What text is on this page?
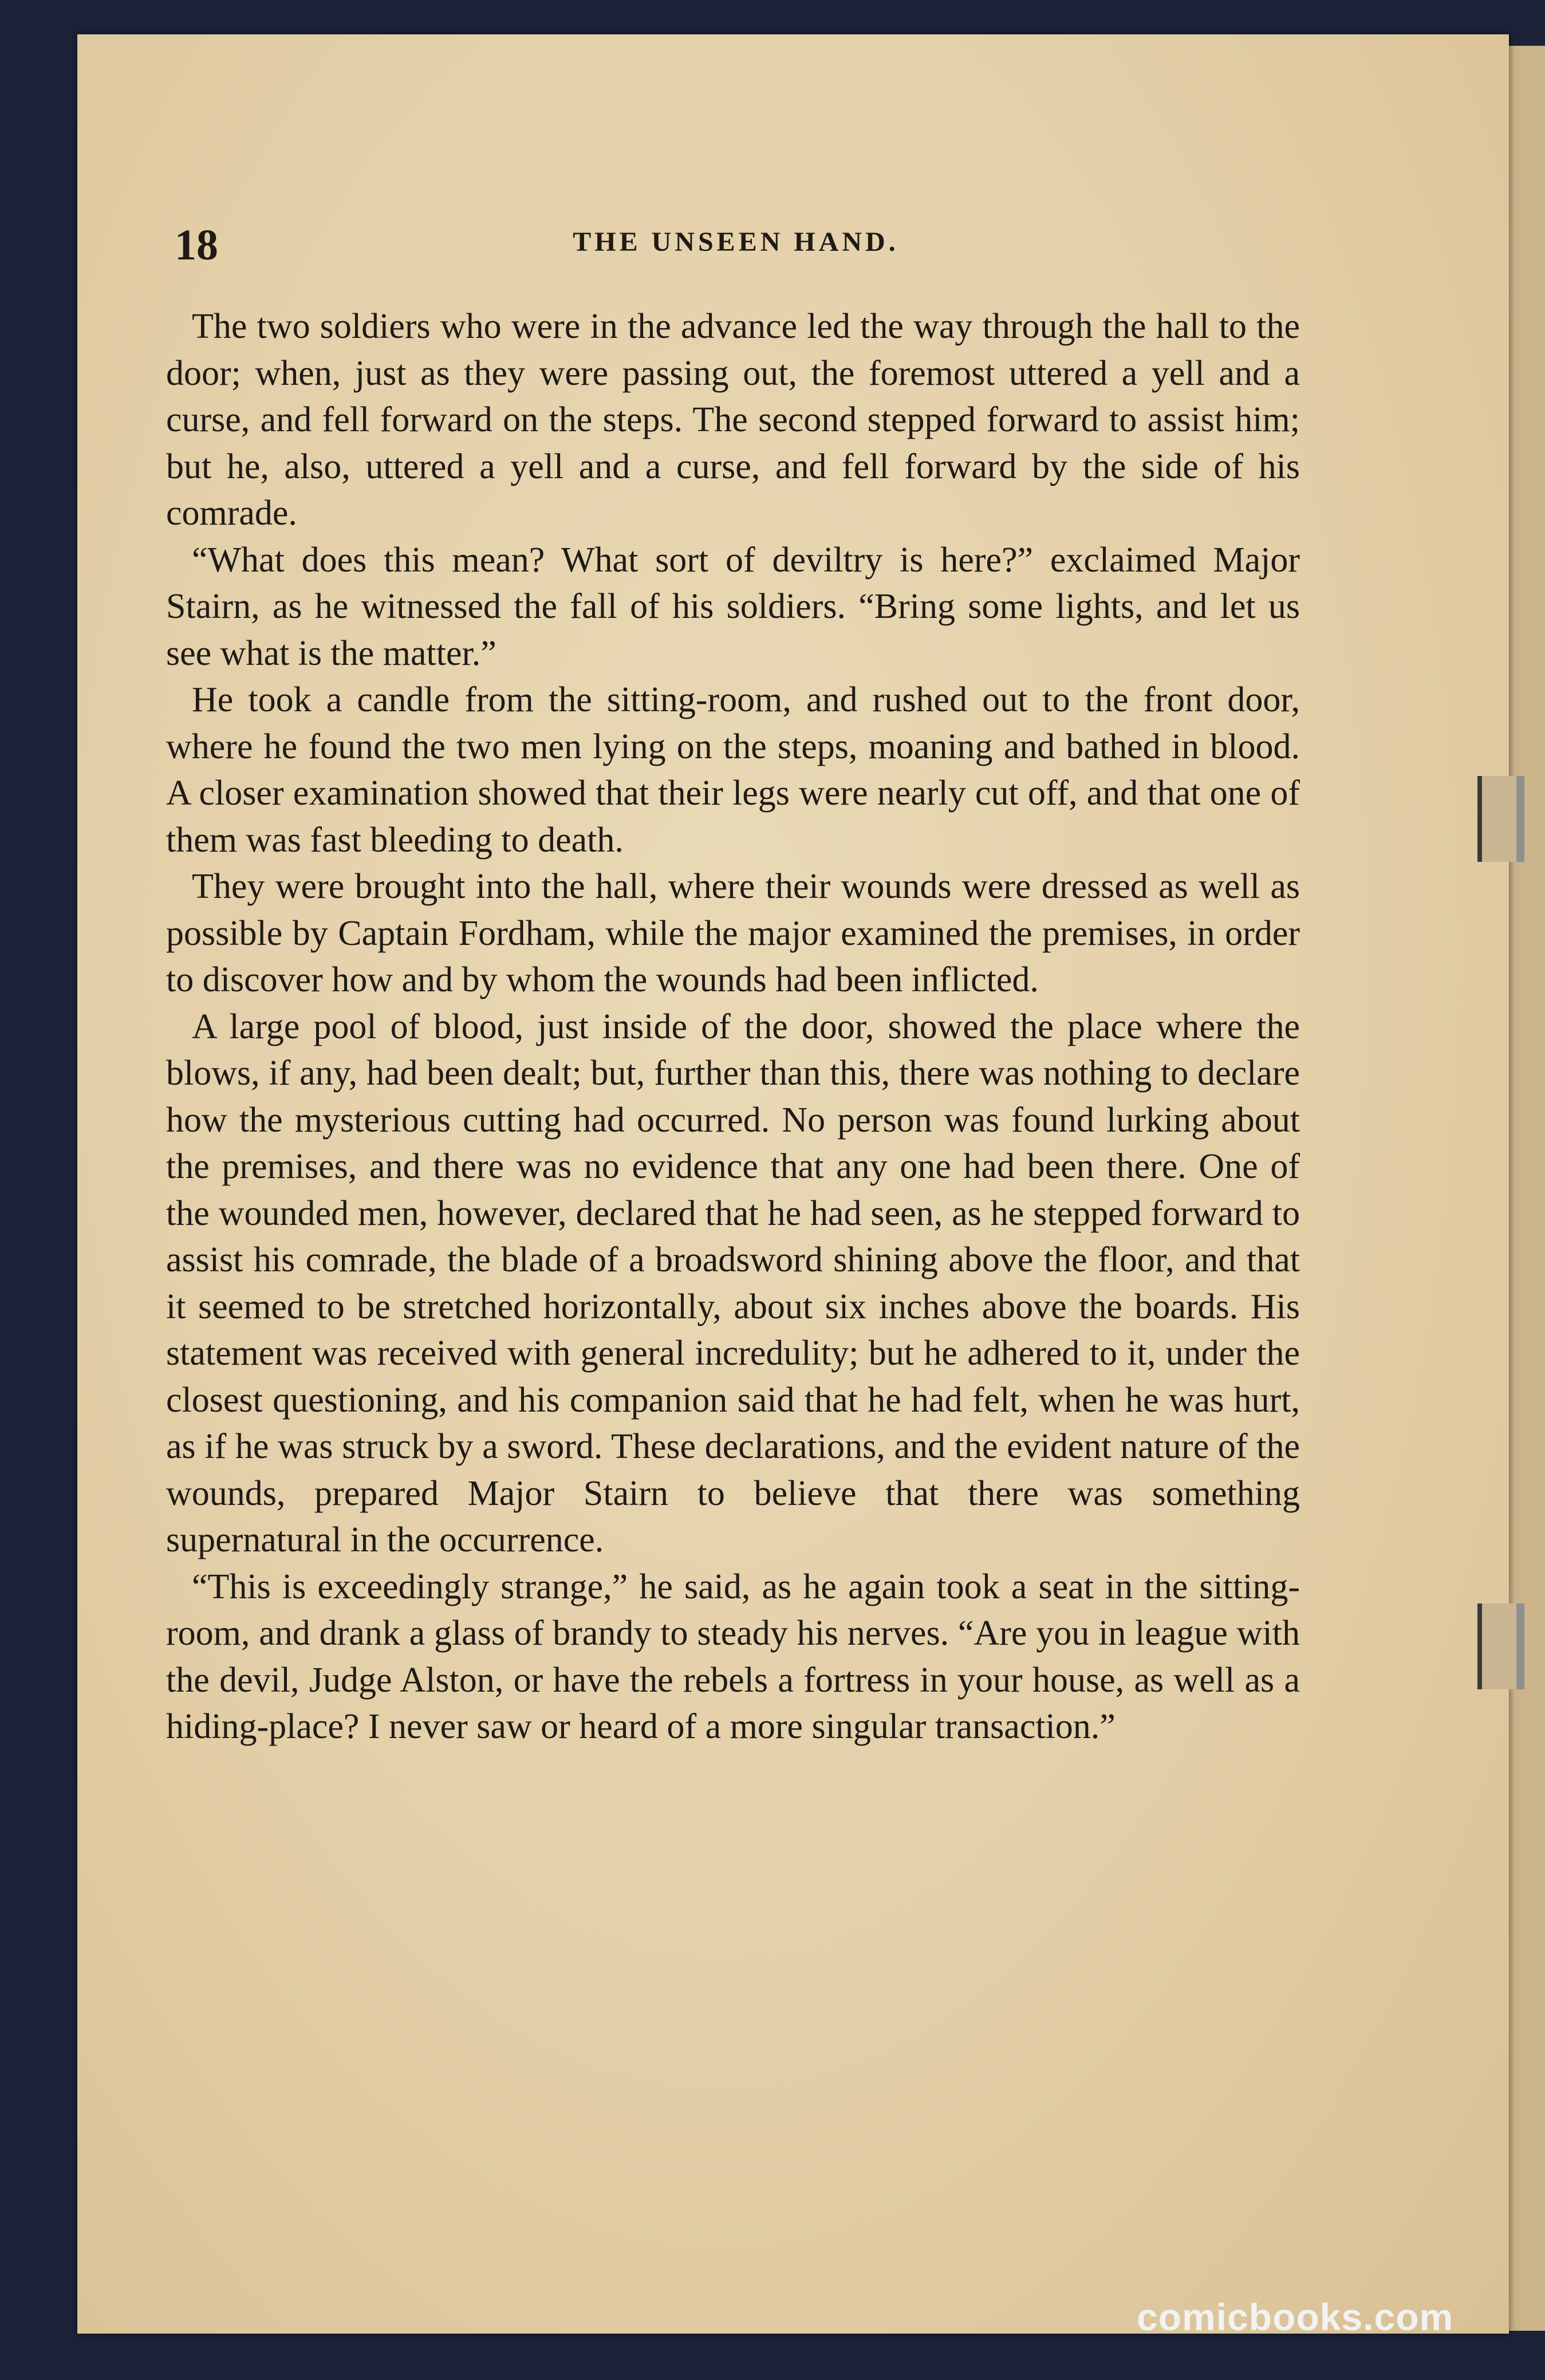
18	THE UNSEEN HAND.

The two soldiers who were in the advance led the way through the hall to the door; when, just as they were passing out, the foremost uttered a yell and a curse, and fell forward on the steps. The second stepped forward to assist him; but he, also, uttered a yell and a curse, and fell forward by the side of his comrade.

“What does this mean? What sort of deviltry is here?” exclaimed Major Stairn, as he witnessed the fall of his soldiers. “Bring some lights, and let us see what is the matter.”

He took a candle from the sitting-room, and rushed out to the front door, where he found the two men lying on the steps, moaning and bathed in blood. A closer examination showed that their legs were nearly cut off, and that one of them was fast bleeding to death.

They were brought into the hall, where their wounds were dressed as well as possible by Captain Fordham, while the major examined the premises, in order to discover how and by whom the wounds had been inflicted.

A large pool of blood, just inside of the door, showed the place where the blows, if any, had been dealt; but, further than this, there was nothing to declare how the mysterious cutting had occurred. No person was found lurking about the premises, and there was no evidence that any one had been there. One of the wounded men, however, declared that he had seen, as he stepped forward to assist his comrade, the blade of a broadsword shining above the floor, and that it seemed to be stretched horizontally, about six inches above the boards. His statement was received with general incredulity; but he adhered to it, under the closest questioning, and his companion said that he had felt, when he was hurt, as if he was struck by a sword. These declarations, and the evident nature of the wounds, prepared Major Stairn to believe that there was something supernatural in the occurrence.

“This is exceedingly strange,” he said, as he again took a seat in the sitting-room, and drank a glass of brandy to steady his nerves. “Are you in league with the devil, Judge Alston, or have the rebels a fortress in your house, as well as a hiding-place? I never saw or heard of a more singular transaction.”

comicbooks.com
